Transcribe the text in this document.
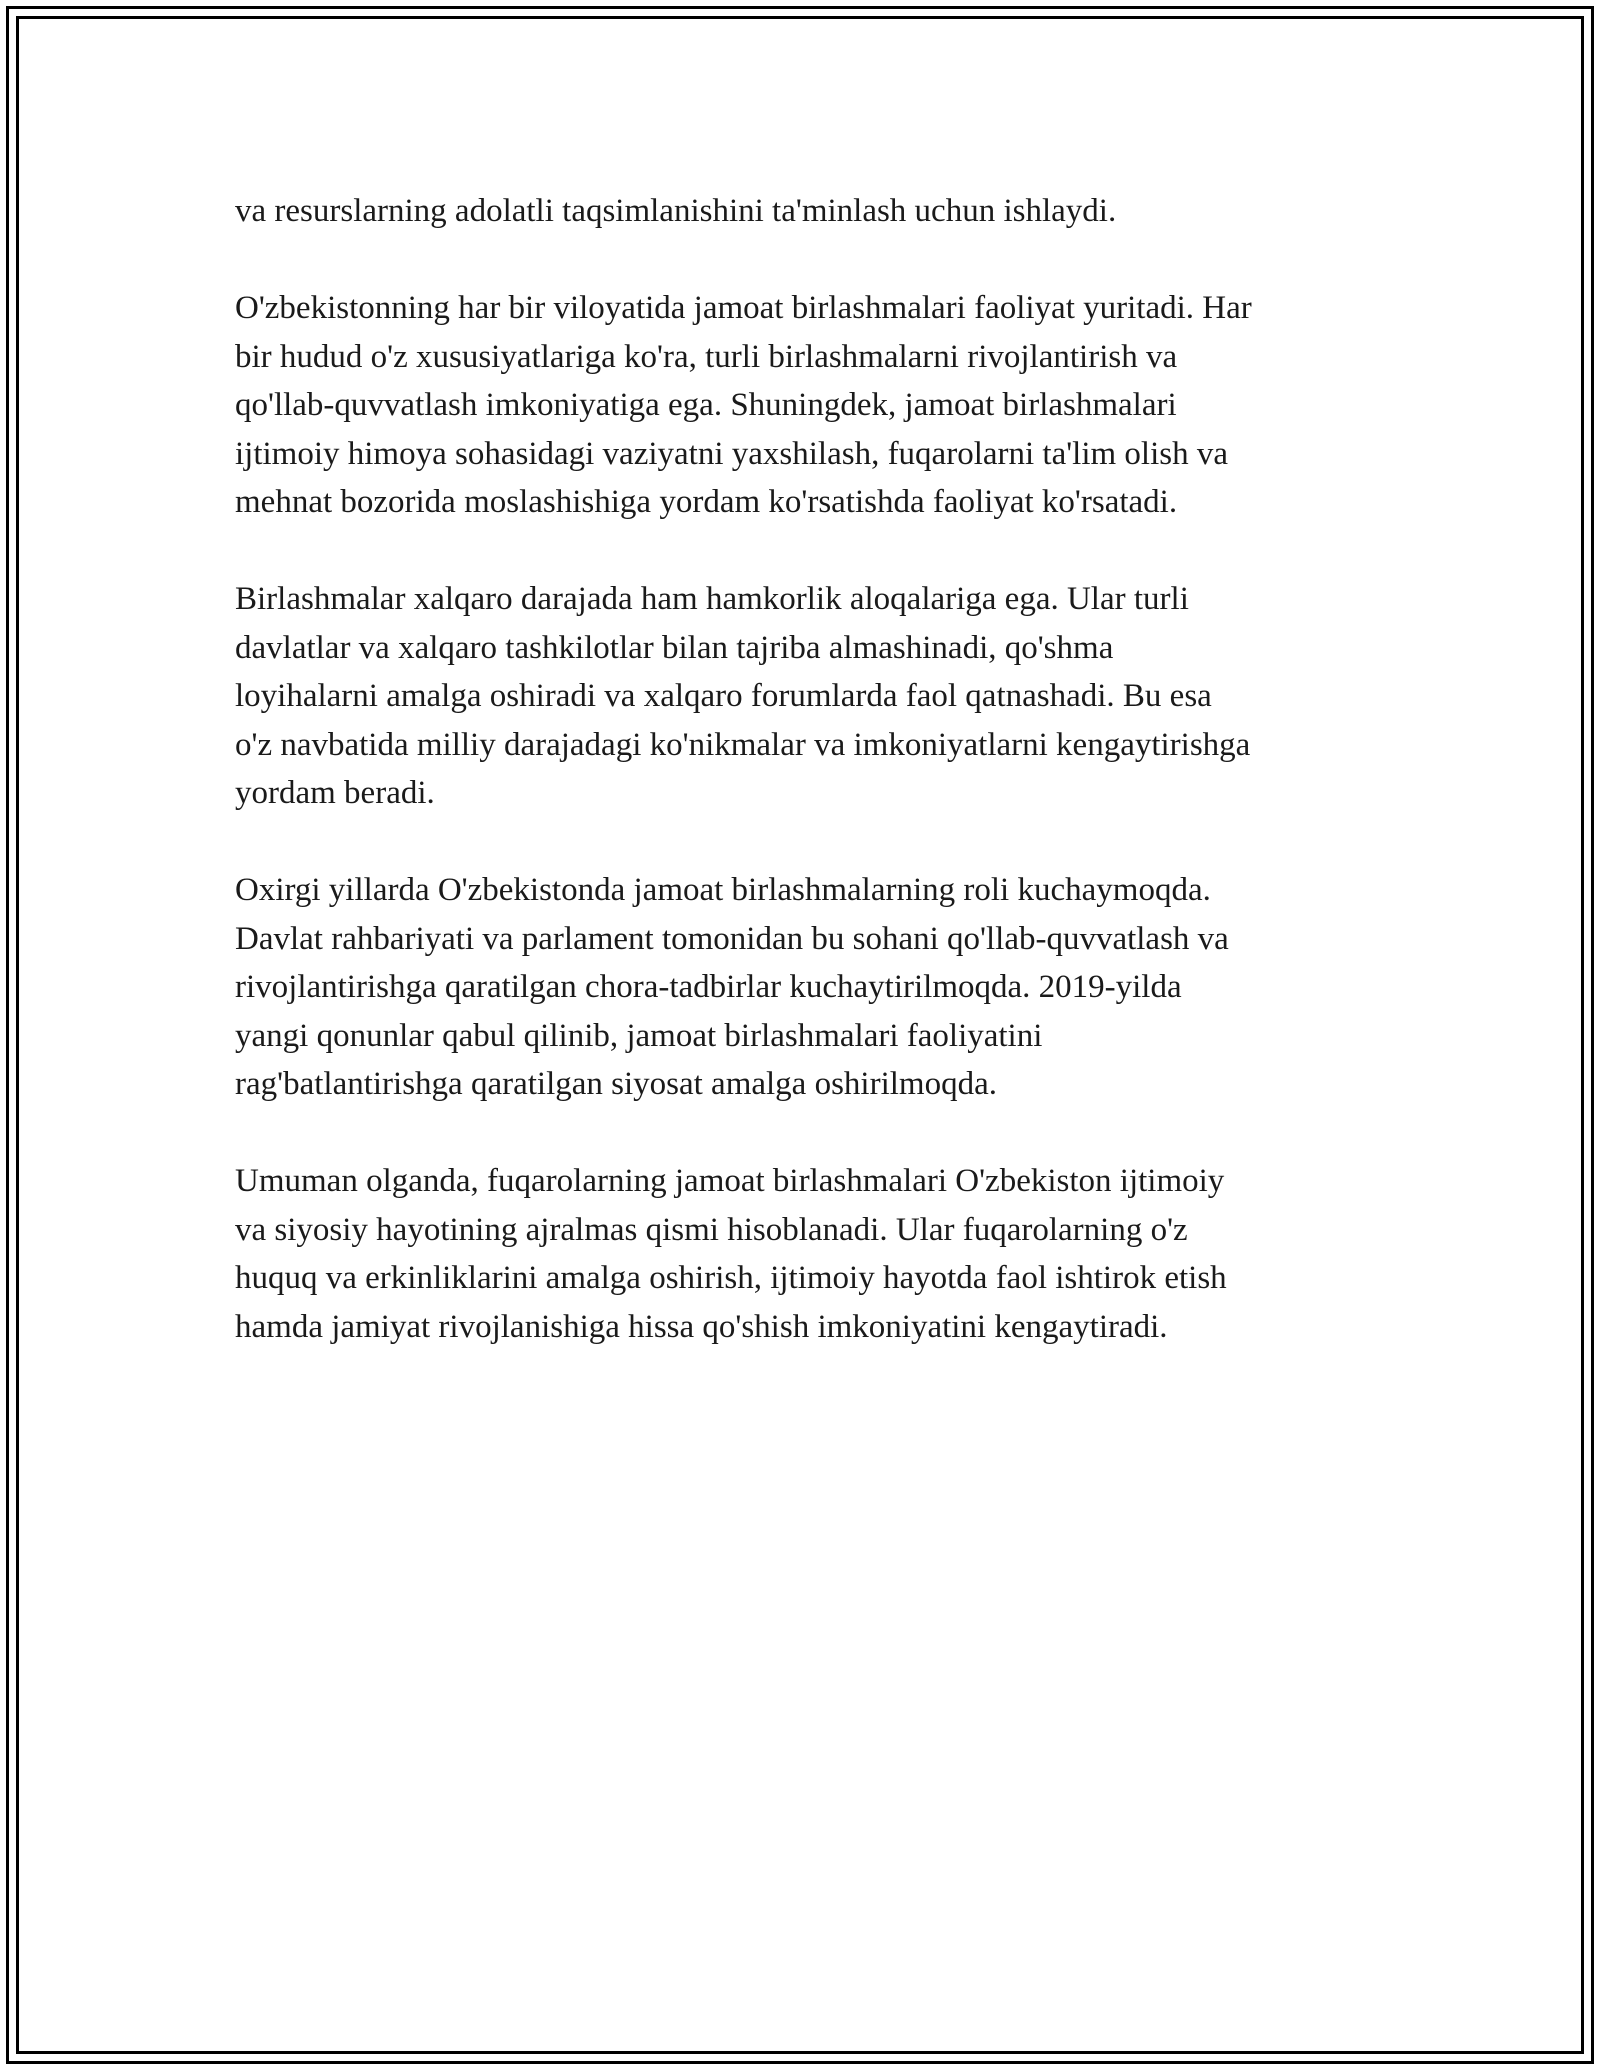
va resurslarning adolatli taqsimlanishini ta'minlash uchun ishlaydi.

O'zbekistonning har bir viloyatida jamoat birlashmalari faoliyat yuritadi. Har
bir hudud o'z xususiyatlariga ko'ra, turli birlashmalarni rivojlantirish va
qo'llab-quvvatlash imkoniyatiga ega. Shuningdek, jamoat birlashmalari
ijtimoiy himoya sohasidagi vaziyatni yaxshilash, fuqarolarni ta'lim olish va
mehnat bozorida moslashishiga yordam ko'rsatishda faoliyat ko'rsatadi.

Birlashmalar xalqaro darajada ham hamkorlik aloqalariga ega. Ular turli
davlatlar va xalqaro tashkilotlar bilan tajriba almashinadi, qo'shma
loyihalarni amalga oshiradi va xalqaro forumlarda faol qatnashadi. Bu esa
o'z navbatida milliy darajadagi ko'nikmalar va imkoniyatlarni kengaytirishga
yordam beradi.

Oxirgi yillarda O'zbekistonda jamoat birlashmalarning roli kuchaymoqda.
Davlat rahbariyati va parlament tomonidan bu sohani qo'llab-quvvatlash va
rivojlantirishga qaratilgan chora-tadbirlar kuchaytirilmoqda. 2019-yilda
yangi qonunlar qabul qilinib, jamoat birlashmalari faoliyatini
rag'batlantirishga qaratilgan siyosat amalga oshirilmoqda.

Umuman olganda, fuqarolarning jamoat birlashmalari O'zbekiston ijtimoiy
va siyosiy hayotining ajralmas qismi hisoblanadi. Ular fuqarolarning o'z
huquq va erkinliklarini amalga oshirish, ijtimoiy hayotda faol ishtirok etish
hamda jamiyat rivojlanishiga hissa qo'shish imkoniyatini kengaytiradi.
